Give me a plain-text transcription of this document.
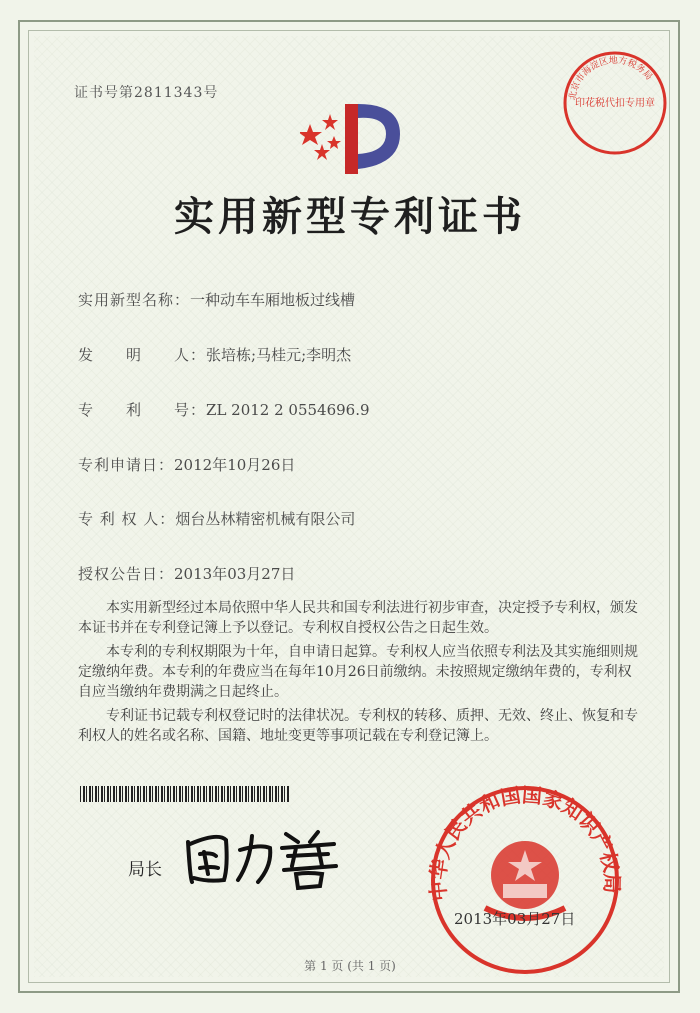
证书号第2811343号	北京市海淀区地方税务局
印花税代扣专用章
实用新型专利证书
实用新型名称：一种动车车厢地板过线槽
发　　明　　人：张培栋;马桂元;李明杰
专　　利　　号：ZL 2012 2 0554696.9
专利申请日：2012年10月26日
专 利 权 人：烟台丛林精密机械有限公司
授权公告日：2013年03月27日

本实用新型经过本局依照中华人民共和国专利法进行初步审查，决定授予专利权，颁发本证书并在专利登记簿上予以登记。专利权自授权公告之日起生效。

本专利的专利权期限为十年，自申请日起算。专利权人应当依照专利法及其实施细则规定缴纳年费。本专利的年费应当在每年10月26日前缴纳。未按照规定缴纳年费的，专利权自应当缴纳年费期满之日起终止。

专利证书记载专利权登记时的法律状况。专利权的转移、质押、无效、终止、恢复和专利权人的姓名或名称、国籍、地址变更等事项记载在专利登记簿上。

局长
中华人民共和国国家知识产权局
2013年03月27日
第 1 页 (共 1 页)
